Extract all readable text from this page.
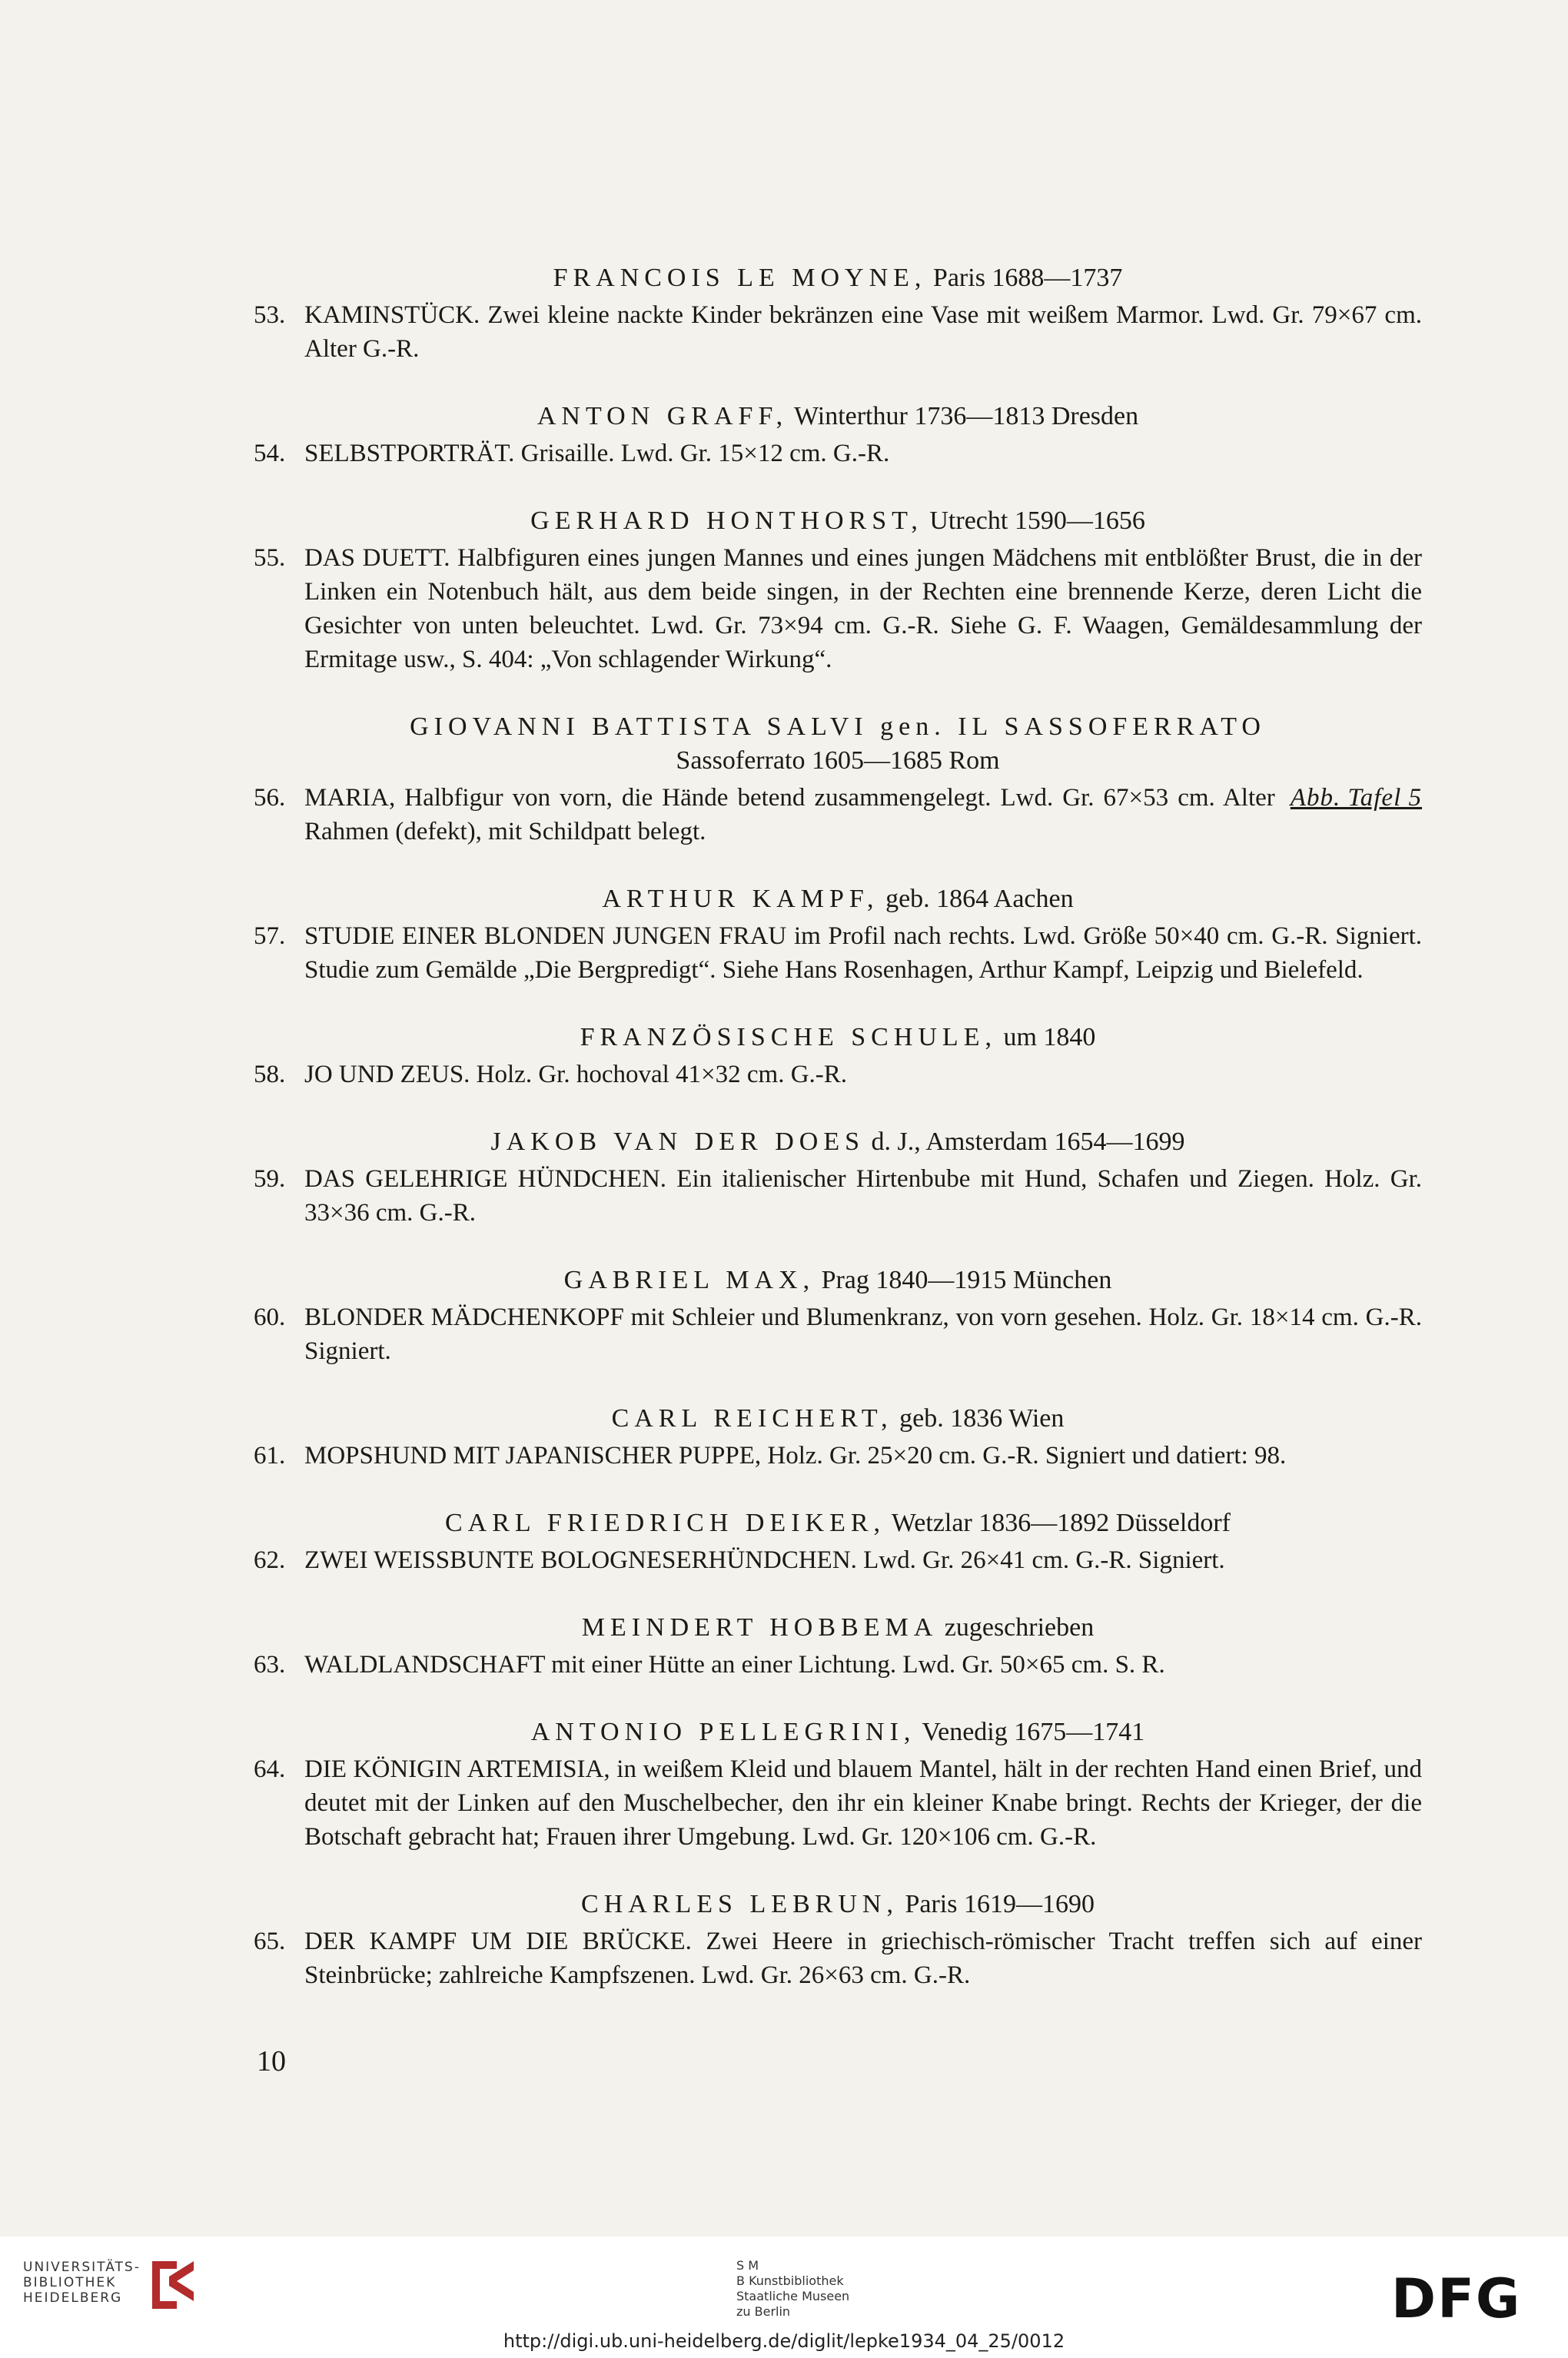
FRANCOIS LE MOYNE, Paris 1688—1737
53. KAMINSTÜCK. Zwei kleine nackte Kinder bekränzen eine Vase mit weißem Marmor. Lwd. Gr. 79×67 cm. Alter G.-R.
ANTON GRAFF, Winterthur 1736—1813 Dresden
54. SELBSTPORTRÄT. Grisaille. Lwd. Gr. 15×12 cm. G.-R.
GERHARD HONTHORST, Utrecht 1590—1656
55. DAS DUETT. Halbfiguren eines jungen Mannes und eines jungen Mädchens mit entblößter Brust, die in der Linken ein Notenbuch hält, aus dem beide singen, in der Rechten eine brennende Kerze, deren Licht die Gesichter von unten beleuchtet. Lwd. Gr. 73×94 cm. G.-R. Siehe G. F. Waagen, Gemäldesammlung der Ermitage usw., S. 404: „Von schlagender Wirkung“.
GIOVANNI BATTISTA SALVI gen. IL SASSOFERRATO
Sassoferrato 1605—1685 Rom
56.	Abb. Tafel 5
MARIA, Halbfigur von vorn, die Hände betend zusammengelegt. Lwd. Gr. 67×53 cm. Alter Rahmen (defekt), mit Schildpatt belegt.
ARTHUR KAMPF, geb. 1864 Aachen
57. STUDIE EINER BLONDEN JUNGEN FRAU im Profil nach rechts. Lwd. Größe 50×40 cm. G.-R. Signiert. Studie zum Gemälde „Die Bergpredigt“. Siehe Hans Rosenhagen, Arthur Kampf, Leipzig und Bielefeld.
FRANZÖSISCHE SCHULE, um 1840
58. JO UND ZEUS. Holz. Gr. hochoval 41×32 cm. G.-R.
JAKOB VAN DER DOES d. J., Amsterdam 1654—1699
59. DAS GELEHRIGE HÜNDCHEN. Ein italienischer Hirtenbube mit Hund, Schafen und Ziegen. Holz. Gr. 33×36 cm. G.-R.
GABRIEL MAX, Prag 1840—1915 München
60. BLONDER MÄDCHENKOPF mit Schleier und Blumenkranz, von vorn gesehen. Holz. Gr. 18×14 cm. G.-R. Signiert.
CARL REICHERT, geb. 1836 Wien
61. MOPSHUND MIT JAPANISCHER PUPPE, Holz. Gr. 25×20 cm. G.-R. Signiert und datiert: 98.
CARL FRIEDRICH DEIKER, Wetzlar 1836—1892 Düsseldorf
62. ZWEI WEISSBUNTE BOLOGNESERHÜNDCHEN. Lwd. Gr. 26×41 cm. G.-R. Signiert.
MEINDERT HOBBEMA zugeschrieben
63. WALDLANDSCHAFT mit einer Hütte an einer Lichtung. Lwd. Gr. 50×65 cm. S. R.
ANTONIO PELLEGRINI, Venedig 1675—1741
64. DIE KÖNIGIN ARTEMISIA, in weißem Kleid und blauem Mantel, hält in der rechten Hand einen Brief, und deutet mit der Linken auf den Muschelbecher, den ihr ein kleiner Knabe bringt. Rechts der Krieger, der die Botschaft gebracht hat; Frauen ihrer Umgebung. Lwd. Gr. 120×106 cm. G.-R.
CHARLES LEBRUN, Paris 1619—1690
65. DER KAMPF UM DIE BRÜCKE. Zwei Heere in griechisch-römischer Tracht treffen sich auf einer Steinbrücke; zahlreiche Kampfszenen. Lwd. Gr. 26×63 cm. G.-R.
10
UNIVERSITÄTS-
BIBLIOTHEK
HEIDELBERG
S M
B Kunstbibliothek
Staatliche Museen
zu Berlin	DFG
http://digi.ub.uni-heidelberg.de/diglit/lepke1934_04_25/0012
